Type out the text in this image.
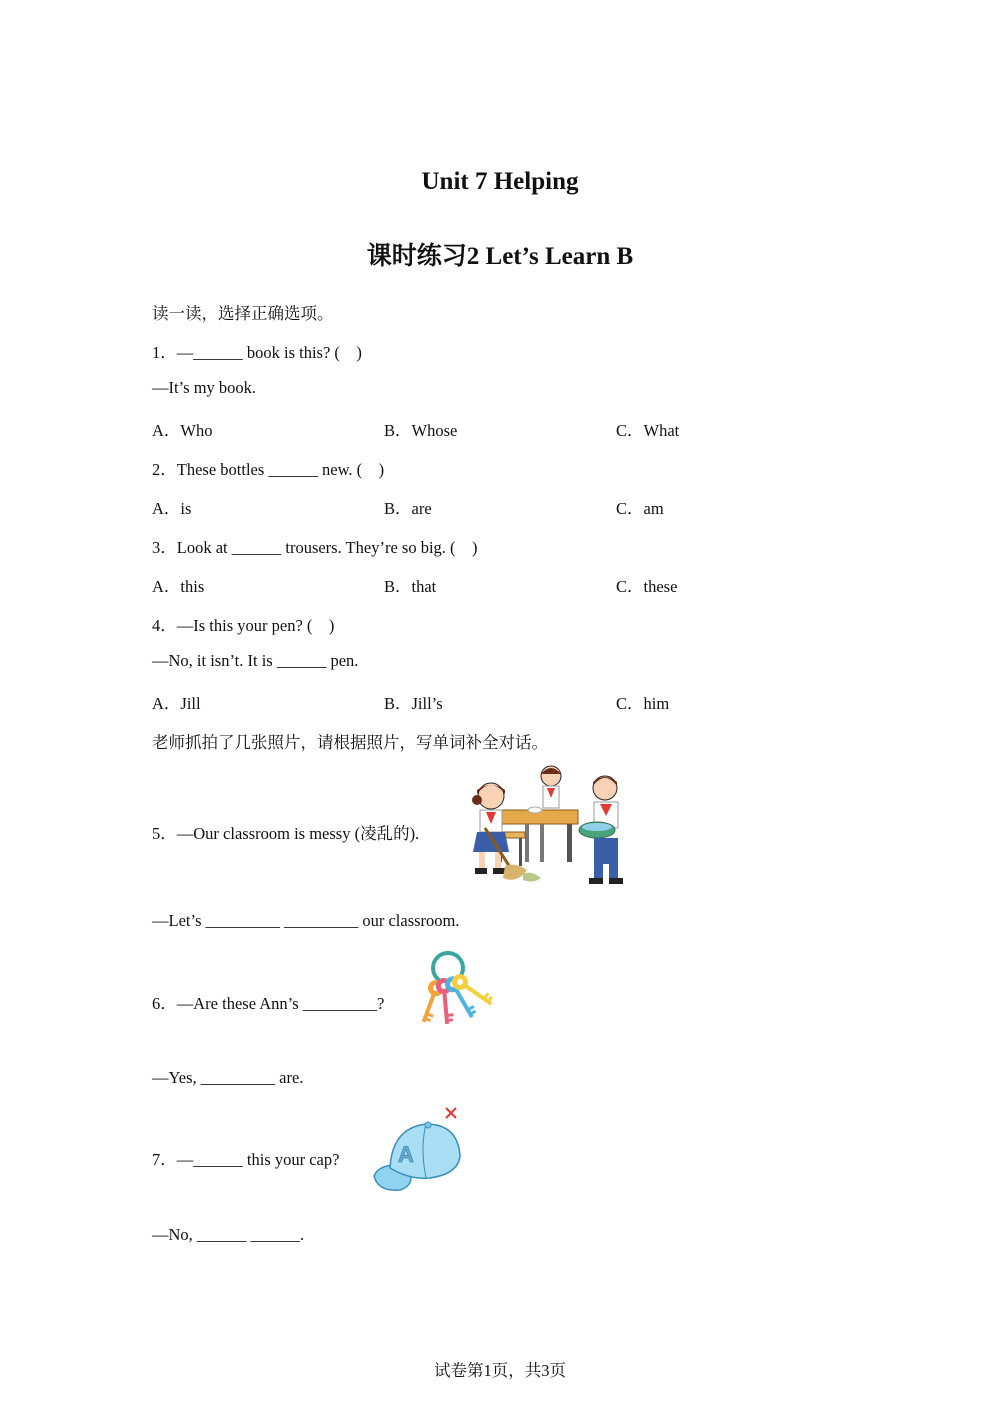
Unit 7 Helping
课时练习2 Let’s Learn B
读一读，选择正确选项。
1．—______ book is this? (　)
—It’s my book.
A．Who	B．Whose	C．What
2．These bottles ______ new. (　)
A．is	B．are	C．am
3．Look at ______ trousers. They’re so big. (　)
A．this	B．that	C．these
4．—Is this your pen? (　)
—No, it isn’t. It is ______ pen.
A．Jill	B．Jill’s	C．him
老师抓拍了几张照片，请根据照片，写单词补全对话。
5．—Our classroom is messy (凌乱的).
—Let’s _________ _________ our classroom.
6．—Are these Ann’s _________?
—Yes, _________ are.
7．—______ this your cap?	A
—No, ______ ______.
试卷第1页，共3页
